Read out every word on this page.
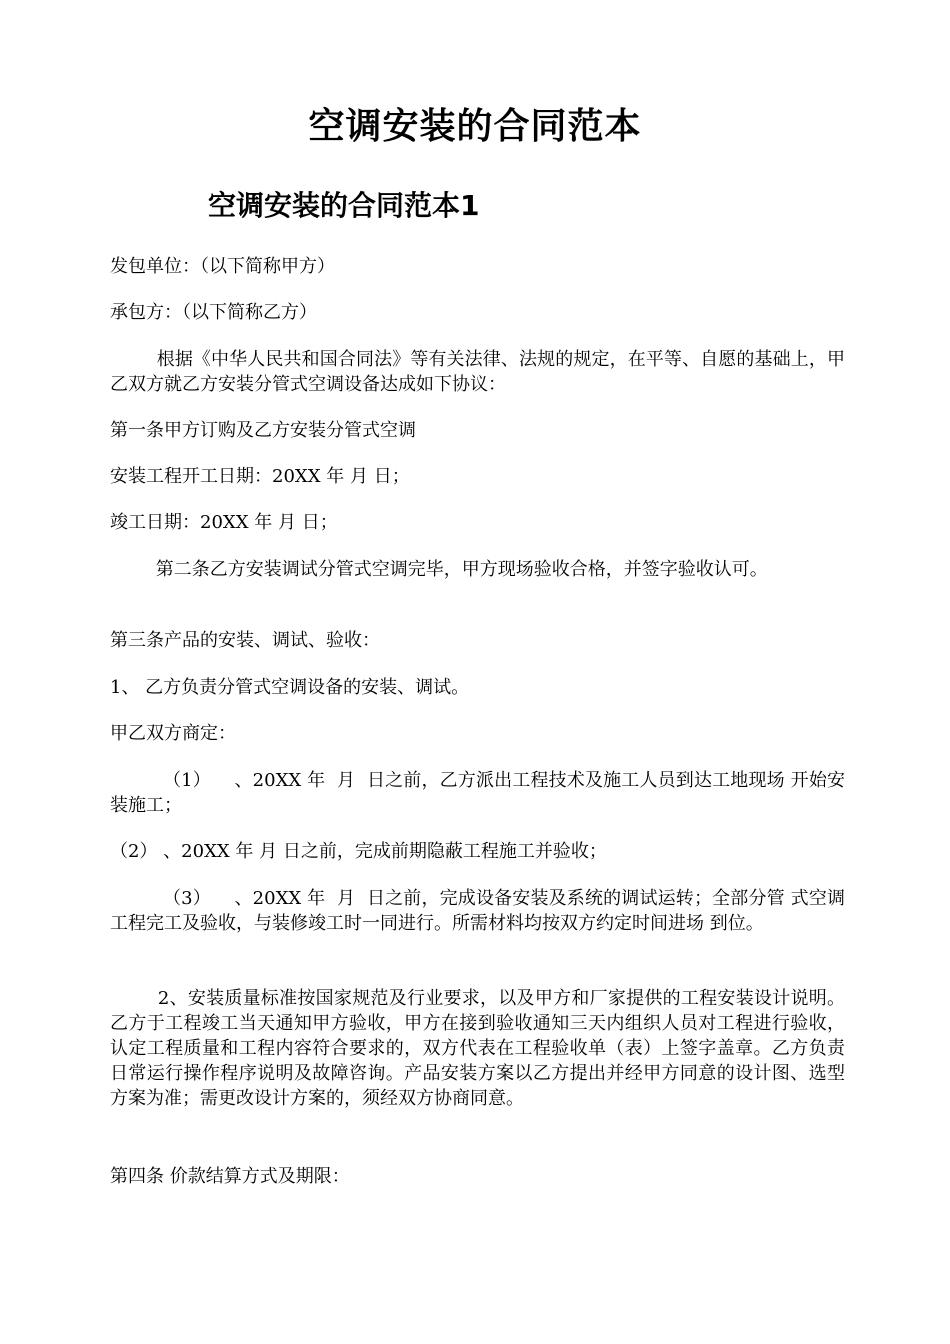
空调安装的合同范本
空调安装的合同范本1
发包单位：（以下简称甲方）
承包方：（以下简称乙方）
根据《中华人民共和国合同法》等有关法律、法规的规定，在平等、自愿的基础上，甲乙双方就乙方安装分管式空调设备达成如下协议：
第一条甲方订购及乙方安装分管式空调
安装工程开工日期：20XX 年 月 日；
竣工日期：20XX 年 月 日；
第二条乙方安装调试分管式空调完毕，甲方现场验收合格，并签字验收认可。
第三条产品的安装、调试、验收：
1、 乙方负责分管式空调设备的安装、调试。
甲乙双方商定：
（1）    、20XX 年  月  日之前，乙方派出工程技术及施工人员到达工地现场 开始安装施工；
（2） 、20XX 年 月 日之前，完成前期隐蔽工程施工并验收；
（3）    、20XX 年  月  日之前，完成设备安装及系统的调试运转；全部分管 式空调工程完工及验收，与装修竣工时一同进行。所需材料均按双方约定时间进场 到位。
2、安装质量标准按国家规范及行业要求，以及甲方和厂家提供的工程安装设计说明。乙方于工程竣工当天通知甲方验收，甲方在接到验收通知三天内组织人员对工程进行验收，认定工程质量和工程内容符合要求的，双方代表在工程验收单（表）上签字盖章。乙方负责日常运行操作程序说明及故障咨询。产品安装方案以乙方提出并经甲方同意的设计图、选型方案为准；需更改设计方案的，须经双方协商同意。
第四条 价款结算方式及期限：
